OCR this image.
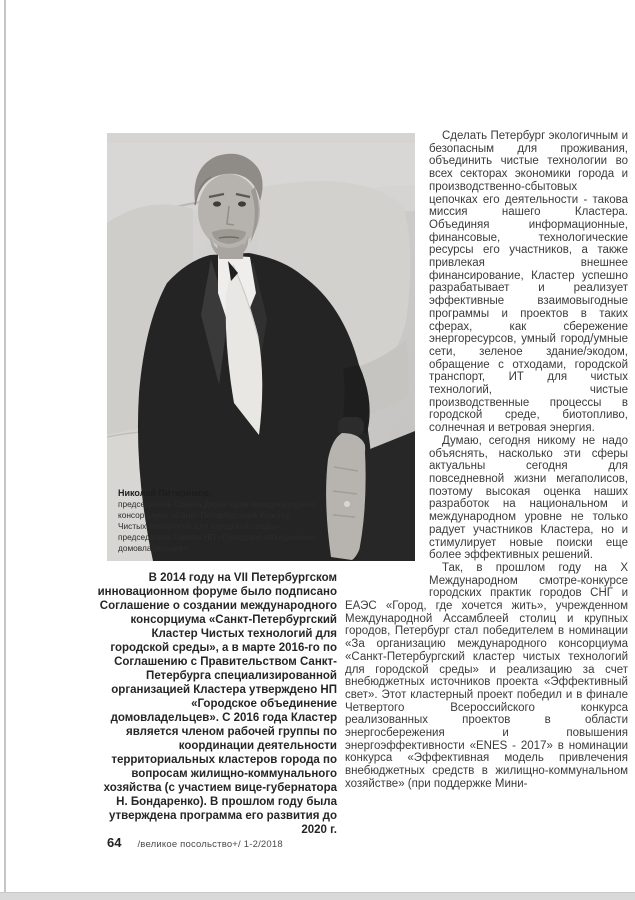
Николай Питиримов,
председатель Совета Директоров международного консорциума «Санкт-Петербургский Кластер Чистых технологий для городской среды», председатель Совета НП «Городское объединение домовладельцев»
В 2014 году на VII Петербургском инновационном форуме было подписано Соглашение о создании международного консорциума «Санкт-Петербургский Кластер Чистых технологий для городской среды», а в марте 2016-го по Соглашению с Правительством Санкт-Петербурга специализированной организацией Кластера утверждено НП «Городское объединение домовладельцев». С 2016 года Кластер является членом рабочей группы по координации деятельности территориальных кластеров города по вопросам жилищно-коммунального хозяйства (с участием вице-губернатора Н. Бондаренко). В прошлом году была утверждена программа его развития до 2020 г.

Сделать Петербург экологичным и безопасным для проживания, объединить чистые технологии во всех секторах экономики города и производственно-сбытовых цепочках его деятельности - такова миссия нашего Кластера. Объединяя информационные, финансовые, технологические ресурсы его участников, а также привлекая внешнее финансирование, Кластер успешно разрабатывает и реализует эффективные взаимовыгодные программы и проектов в таких сферах, как сбережение энергоресурсов, умный город/умные сети, зеленое здание/экодом, обращение с отходами, городской транспорт, ИТ для чистых технологий, чистые производственные процессы в городской среде, биотопливо, солнечная и ветровая энергия.

Думаю, сегодня никому не надо объяснять, насколько эти сферы актуальны сегодня для повседневной жизни мегаполисов, поэтому высокая оценка наших разработок на национальном и международном уровне не только радует участников Кластера, но и стимулирует новые поиски еще более эффективных решений.

Так, в прошлом году на X Международном смотре-конкурсе городских практик городов СНГ и ЕАЭС «Город, где хочется жить», учрежденном Международной Ассамблеей столиц и крупных городов, Петербург стал победителем в номинации «За организацию международного консорциума «Санкт-Петербургский кластер чистых технологий для городской среды» и реализацию за счет внебюджетных источников проекта «Эффективный свет». Этот кластерный проект победил и в финале Четвертого Всероссийского конкурса реализованных проектов в области энергосбережения и повышения энергоэффективности «ENES - 2017» в номинации конкурса «Эффективная модель привлечения внебюджетных средств в жилищно-коммунальном хозяйстве» (при поддержке Мини-

64 /великое посольство+/ 1-2/2018
